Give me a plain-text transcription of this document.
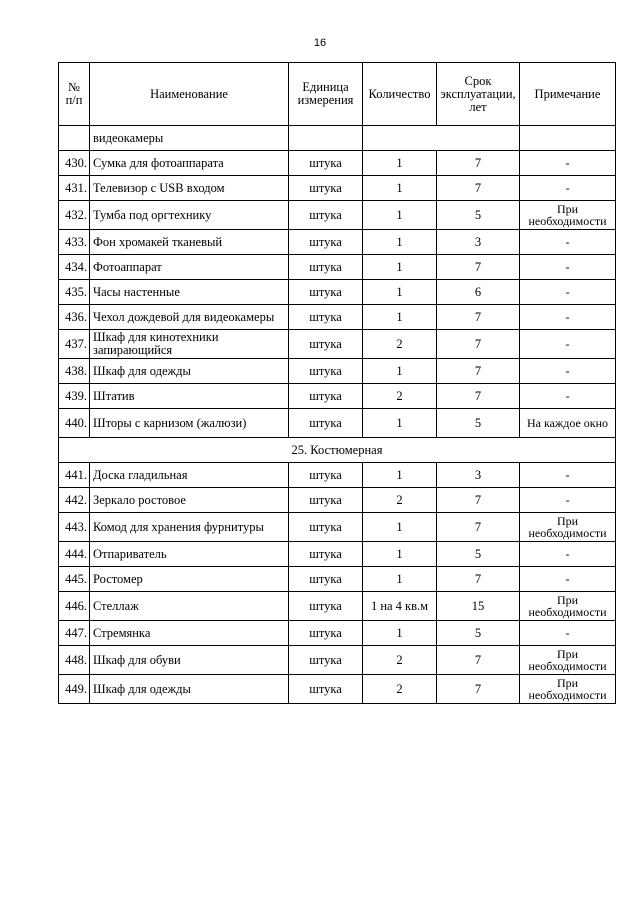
16
№ п/п	Наименование	Единица измерения	Количество	Срок эксплуатации, лет	Примечание
	видеокамеры				
430.	Сумка для фотоаппарата	штука	1	7	-
431.	Телевизор с USB входом	штука	1	7	-
432.	Тумба под оргтехнику	штука	1	5	При необходимости
433.	Фон хромакей тканевый	штука	1	3	-
434.	Фотоаппарат	штука	1	7	-
435.	Часы настенные	штука	1	6	-
436.	Чехол дождевой для видеокамеры	штука	1	7	-
437.	Шкаф для кинотехники запирающийся	штука	2	7	-
438.	Шкаф для одежды	штука	1	7	-
439.	Штатив	штука	2	7	-
440.	Шторы с карнизом (жалюзи)	штука	1	5	На каждое окно
25. Костюмерная					
441.	Доска гладильная	штука	1	3	-
442.	Зеркало ростовое	штука	2	7	-
443.	Комод для хранения фурнитуры	штука	1	7	При необходимости
444.	Отпариватель	штука	1	5	-
445.	Ростомер	штука	1	7	-
446.	Стеллаж	штука	1 на 4 кв.м	15	При необходимости
447.	Стремянка	штука	1	5	-
448.	Шкаф для обуви	штука	2	7	При необходимости
449.	Шкаф для одежды	штука	2	7	При необходимости
